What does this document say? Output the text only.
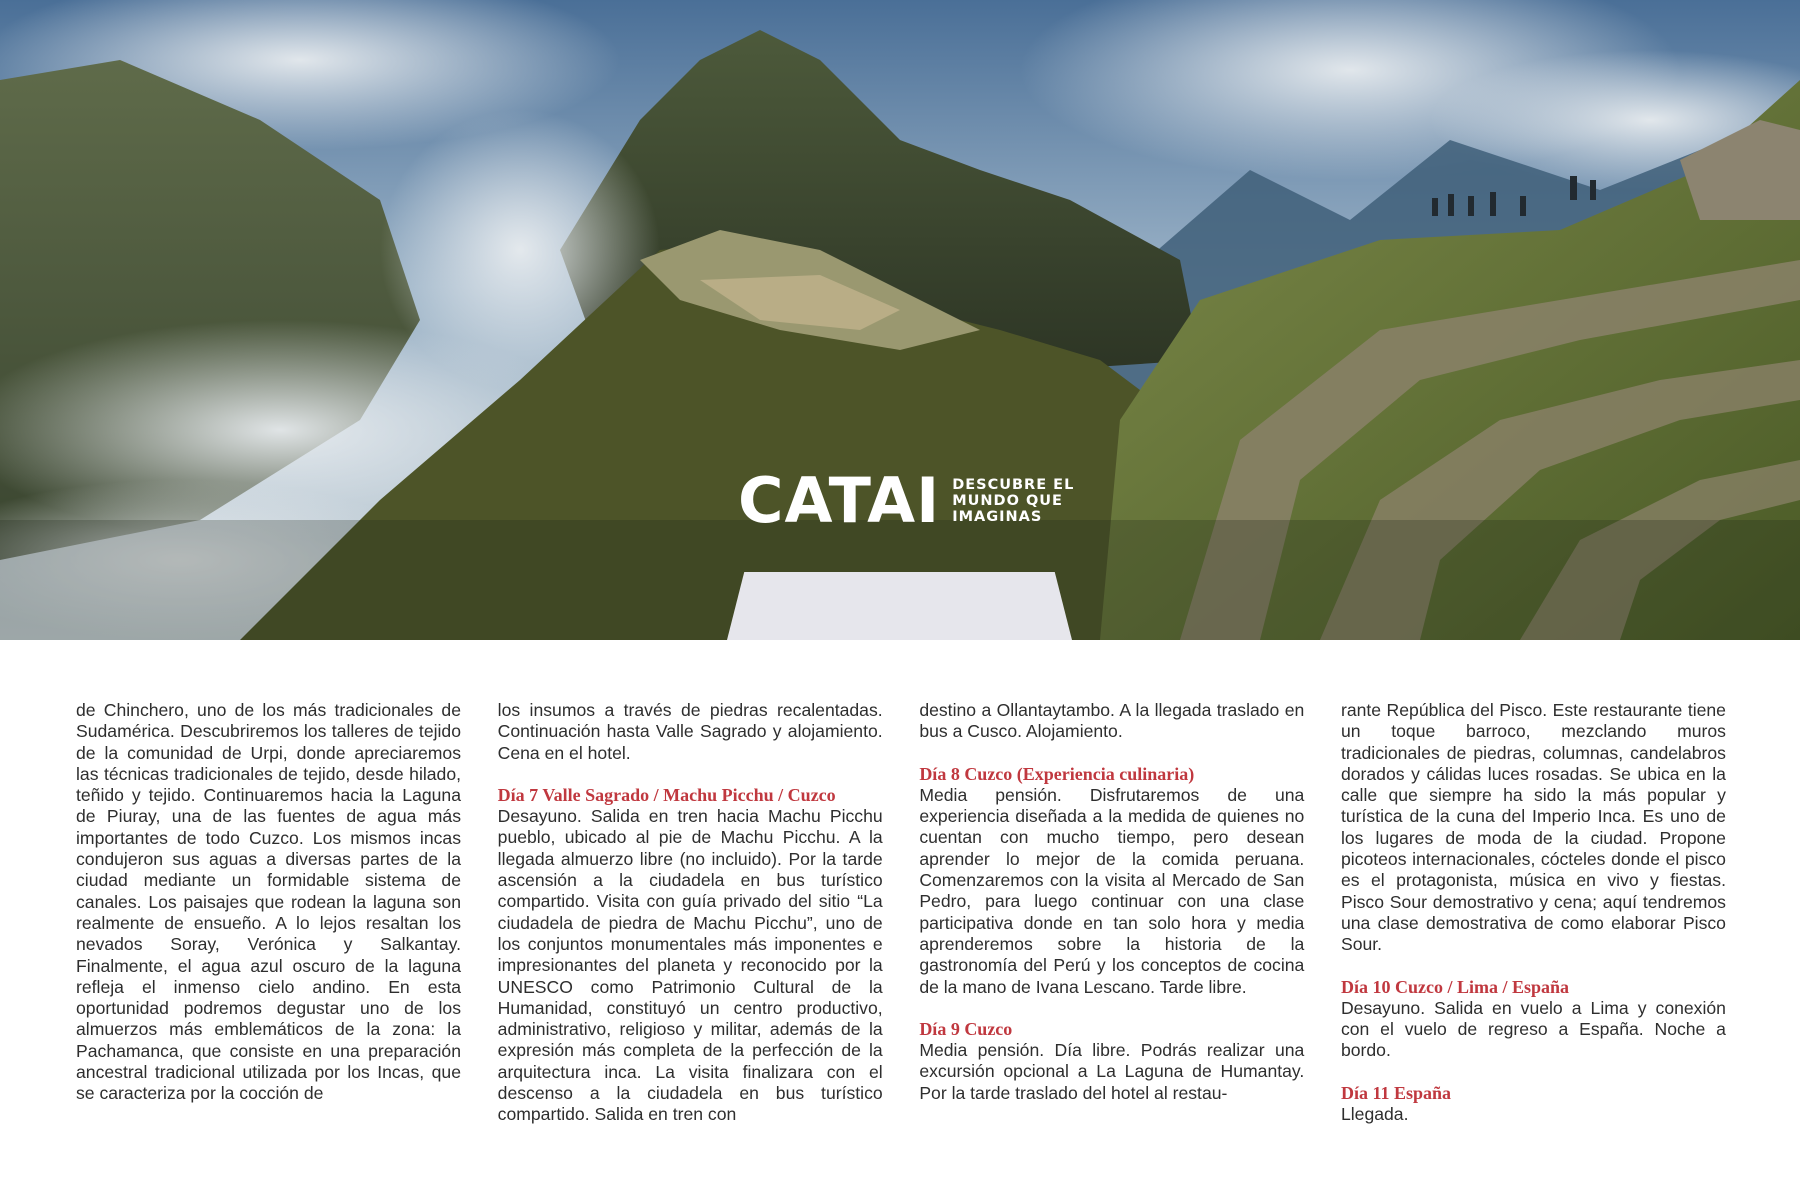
CATAI DESCUBRE EL
MUNDO QUE
IMAGINAS

de Chinchero, uno de los más tradicionales de Sudamérica. Descubriremos los talleres de tejido de la comunidad de Urpi, donde apreciaremos las técnicas tradicionales de tejido, desde hilado, teñido y tejido. Continuaremos hacia la Laguna de Piuray, una de las fuentes de agua más importantes de todo Cuzco. Los mismos incas condujeron sus aguas a diversas partes de la ciudad mediante un formidable sistema de canales. Los paisajes que rodean la laguna son realmente de ensueño. A lo lejos resaltan los nevados Soray, Verónica y Salkantay. Finalmente, el agua azul oscuro de la laguna refleja el inmenso cielo andino. En esta oportunidad podremos degustar uno de los almuerzos más emblemáticos de la zona: la Pachamanca, que consiste en una preparación ancestral tradicional utilizada por los Incas, que se caracteriza por la cocción de

los insumos a través de piedras recalentadas. Continuación hasta Valle Sagrado y alojamiento. Cena en el hotel.

Día 7 Valle Sagrado / Machu Picchu / Cuzco
Desayuno. Salida en tren hacia Machu Picchu pueblo, ubicado al pie de Machu Picchu. A la llegada almuerzo libre (no incluido). Por la tarde ascensión a la ciudadela en bus turístico compartido. Visita con guía privado del sitio “La ciudadela de piedra de Machu Picchu”, uno de los conjuntos monumentales más imponentes e impresionantes del planeta y reconocido por la UNESCO como Patrimonio Cultural de la Humanidad, constituyó un centro productivo, administrativo, religioso y militar, además de la expresión más completa de la perfección de la arquitectura inca. La visita finalizara con el descenso a la ciudadela en bus turístico compartido. Salida en tren con

destino a Ollantaytambo. A la llegada traslado en bus a Cusco. Alojamiento.

Día 8 Cuzco (Experiencia culinaria)
Media pensión. Disfrutaremos de una experiencia diseñada a la medida de quienes no cuentan con mucho tiempo, pero desean aprender lo mejor de la comida peruana. Comenzaremos con la visita al Mercado de San Pedro, para luego continuar con una clase participativa donde en tan solo hora y media aprenderemos sobre la historia de la gastronomía del Perú y los conceptos de cocina de la mano de Ivana Lescano. Tarde libre.

Día 9 Cuzco
Media pensión. Día libre. Podrás realizar una excursión opcional a La Laguna de Humantay. Por la tarde traslado del hotel al restau-

rante República del Pisco. Este restaurante tiene un toque barroco, mezclando muros tradicionales de piedras, columnas, candelabros dorados y cálidas luces rosadas. Se ubica en la calle que siempre ha sido la más popular y turística de la cuna del Imperio Inca. Es uno de los lugares de moda de la ciudad. Propone picoteos internacionales, cócteles donde el pisco es el protagonista, música en vivo y fiestas. Pisco Sour demostrativo y cena; aquí tendremos una clase demostrativa de como elaborar Pisco Sour.

Día 10 Cuzco / Lima / España
Desayuno. Salida en vuelo a Lima y conexión con el vuelo de regreso a España. Noche a bordo.

Día 11 España
Llegada.
